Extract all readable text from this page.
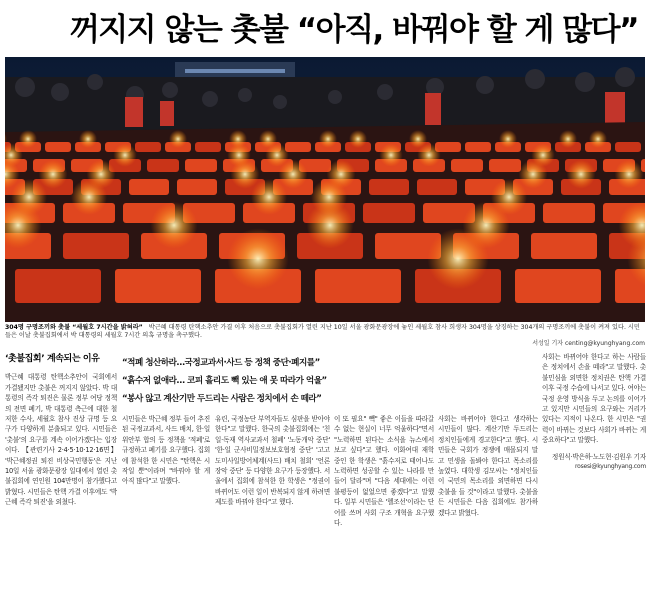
꺼지지 않는 촛불 “아직, 바꿔야 할 게 많다”
304명 구명조끼와 촛불 “세월호 7시간을 밝혀라” 박근혜 대통령 탄핵소추안 가결 이후 처음으로 촛불집회가 열린 지난 10일 서울 광화문광장에 놓인 세월호 참사 희생자 304명을 상징하는 304개의 구명조끼에 촛불이 켜져 있다. 시민들은 이날 촛불집회에서 박 대통령의 세월호 7시간 의혹 규명을 촉구했다.
서성일 기자 centing@kyunghyang.com
‘촛불집회’ 계속되는 이유

박근혜 대통령 탄핵소추안이 국회에서 가결됐지만 촛불은 꺼지지 않았다. 박 대통령의 즉각 퇴진은 물론 정부 여당 정책의 전면 폐기, 박 대통령 측근에 대한 철저한 수사, 세월호 참사 진상 규명 등 요구가 다양하게 분출되고 있다. 시민들은 '촛불'의 요구를 계속 이어가겠다는 입장이다. 【관련기사 2·4·5·10·12·16면】 '박근혜정권 퇴진 비상국민행동'은 지난 10일 서울 광화문광장 일대에서 열린 촛불집회에 연인원 104만명이 참가했다고 밝혔다. 시민들은 탄핵 가결 이후에도 '박근혜 즉각 퇴진'을 외쳤다.

“적폐 청산하라…국정교과서·사드 등 정책 중단·폐지를”
“흙수저 없애라… 코피 흘리도 빽 있는 애 못 따라가 억울”
“봉사 않고 계산기만 두드리는 사람은 정치에서 손 떼라”

시민들은 박근혜 정부 들어 추진된 국정교과서, 사드 배치, 한·일 위안부 합의 등 정책을 '적폐'로 규정하고 폐기를 요구했다. 집회에 참석한 한 시민은 "탄핵은 시작일 뿐"이라며 "바꿔야 할 게 아직 많다"고 말했다.

유린, 국정농단 부역자들도 심판을 받아야 한다"고 말했다. 한국의 촛불집회에는 '친일·독재 역사교과서 철폐' '노동개악 중단' '한·일 군사비밀정보보호협정 중단' '고고도미사일방어체계(사드) 배치 철회' '언론장악 중단' 등 다양한 요구가 등장했다. 서울에서 집회에 참석한 한 학생은 "정권이 바뀌어도 이런 일이 반복되지 않게 하려면 제도를 바꿔야 한다"고 했다.

이 또 필요" 빽" 좋은 이들을 따라갈 수 없는 현실이 너무 억울하다"면서 "노력하면 된다는 소식을 뉴스에서 보고 싶다"고 했다. 이화여대 재학 중인 한 학생은 "흙수저로 태어나도 노력하면 성공할 수 있는 나라를 만들어 달라"며 "다음 세대에는 이런 불평등이 없었으면 좋겠다"고 말했다. 일부 시민들은 '헬조선'이라는 단어를 쓰며 사회 구조 개혁을 요구했다.

사회는 바뀌어야 한다고 생각하는 시민들이 많다. 계산기만 두드리는 정치인들에게 경고한다"고 했다. 시민들은 국회가 정쟁에 매몰되지 말고 민생을 돌봐야 한다고 목소리를 높였다. 대학생 김모씨는 "정치인들이 국민의 목소리를 외면하면 다시 촛불을 들 것"이라고 말했다. 촛불을 든 시민들은 다음 집회에도 참가하겠다고 밝혔다.

사회는 바뀌어야 한다고 하는 사람들은 정치에서 손을 떼라"고 말했다. 촛불민심을 외면한 정치권은 탄핵 가결 이후 국정 수습에 나서고 있다. 여야는 국정 운영 방식을 두고 논의를 이어가고 있지만 시민들의 요구와는 거리가 있다는 지적이 나온다. 한 시민은 "권력이 바뀌는 것보다 사회가 바뀌는 게 중요하다"고 말했다.

정원식·박은하·노도현·김원우 기자

rosesi@kyunghyang.com
